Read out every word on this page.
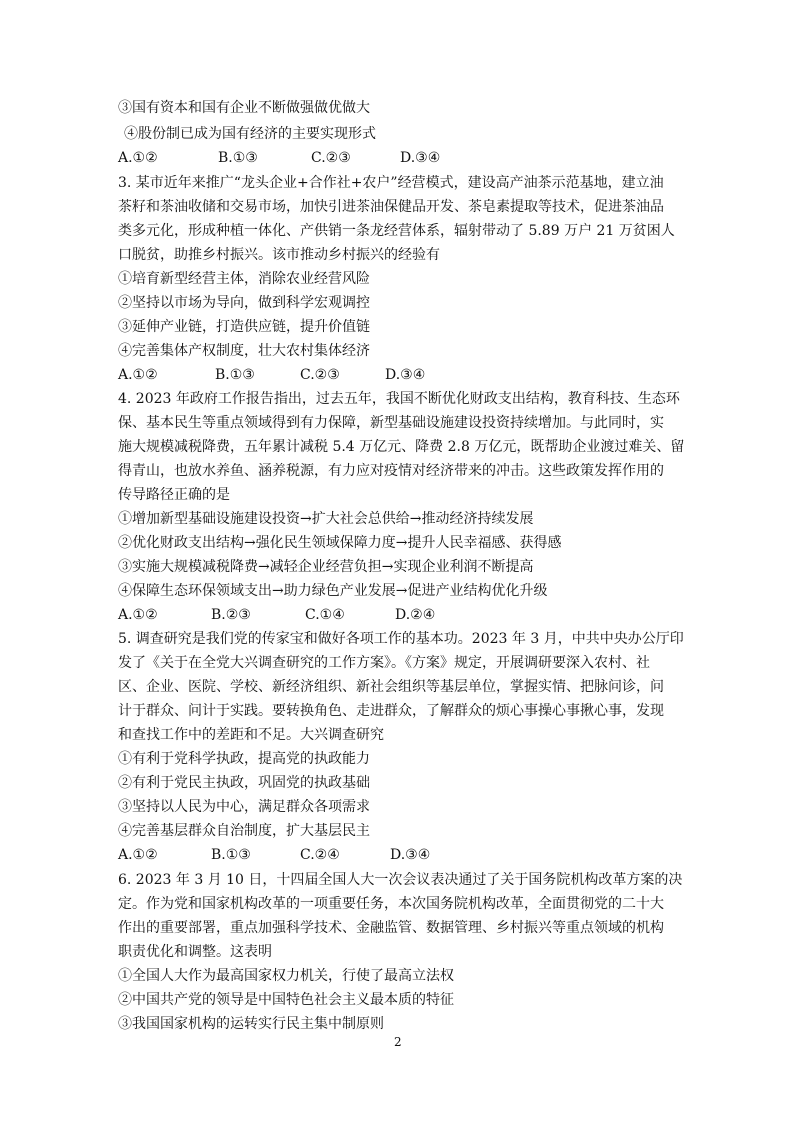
③国有资本和国有企业不断做强做优做大
④股份制已成为国有经济的主要实现形式
A.①②	B.①③	C.②③	D.③④
3. 某市近年来推广“龙头企业+合作社+农户”经营模式，建设高产油茶示范基地，建立油
茶籽和茶油收储和交易市场，加快引进茶油保健品开发、茶皂素提取等技术，促进茶油品
类多元化，形成种植一体化、产供销一条龙经营体系，辐射带动了 5.89 万户 21 万贫困人
口脱贫，助推乡村振兴。该市推动乡村振兴的经验有
①培育新型经营主体，消除农业经营风险
②坚持以市场为导向，做到科学宏观调控
③延伸产业链，打造供应链，提升价值链
④完善集体产权制度，壮大农村集体经济
A.①②	B.①③	C.②③	D.③④
4. 2023 年政府工作报告指出，过去五年，我国不断优化财政支出结构，教育科技、生态环
保、基本民生等重点领域得到有力保障，新型基础设施建设投资持续增加。与此同时，实
施大规模减税降费，五年累计减税 5.4 万亿元、降费 2.8 万亿元，既帮助企业渡过难关、留
得青山，也放水养鱼、涵养税源，有力应对疫情对经济带来的冲击。这些政策发挥作用的
传导路径正确的是
①增加新型基础设施建设投资→扩大社会总供给→推动经济持续发展
②优化财政支出结构→强化民生领域保障力度→提升人民幸福感、获得感
③实施大规模减税降费→减轻企业经营负担→实现企业利润不断提高
④保障生态环保领域支出→助力绿色产业发展→促进产业结构优化升级
A.①②	B.②③	C.①④	D.②④
5. 调查研究是我们党的传家宝和做好各项工作的基本功。2023 年 3 月，中共中央办公厅印
发了《关于在全党大兴调查研究的工作方案》。《方案》规定，开展调研要深入农村、社
区、企业、医院、学校、新经济组织、新社会组织等基层单位，掌握实情、把脉问诊，问
计于群众、问计于实践。要转换角色、走进群众，了解群众的烦心事操心事揪心事，发现
和查找工作中的差距和不足。大兴调查研究
①有利于党科学执政，提高党的执政能力
②有利于党民主执政，巩固党的执政基础
③坚持以人民为中心，满足群众各项需求
④完善基层群众自治制度，扩大基层民主
A.①②	B.①③	C.②④	D.③④
6. 2023 年 3 月 10 日，十四届全国人大一次会议表决通过了关于国务院机构改革方案的决
定。作为党和国家机构改革的一项重要任务，本次国务院机构改革，全面贯彻党的二十大
作出的重要部署，重点加强科学技术、金融监管、数据管理、乡村振兴等重点领域的机构
职责优化和调整。这表明
①全国人大作为最高国家权力机关，行使了最高立法权
②中国共产党的领导是中国特色社会主义最本质的特征
③我国国家机构的运转实行民主集中制原则
2
